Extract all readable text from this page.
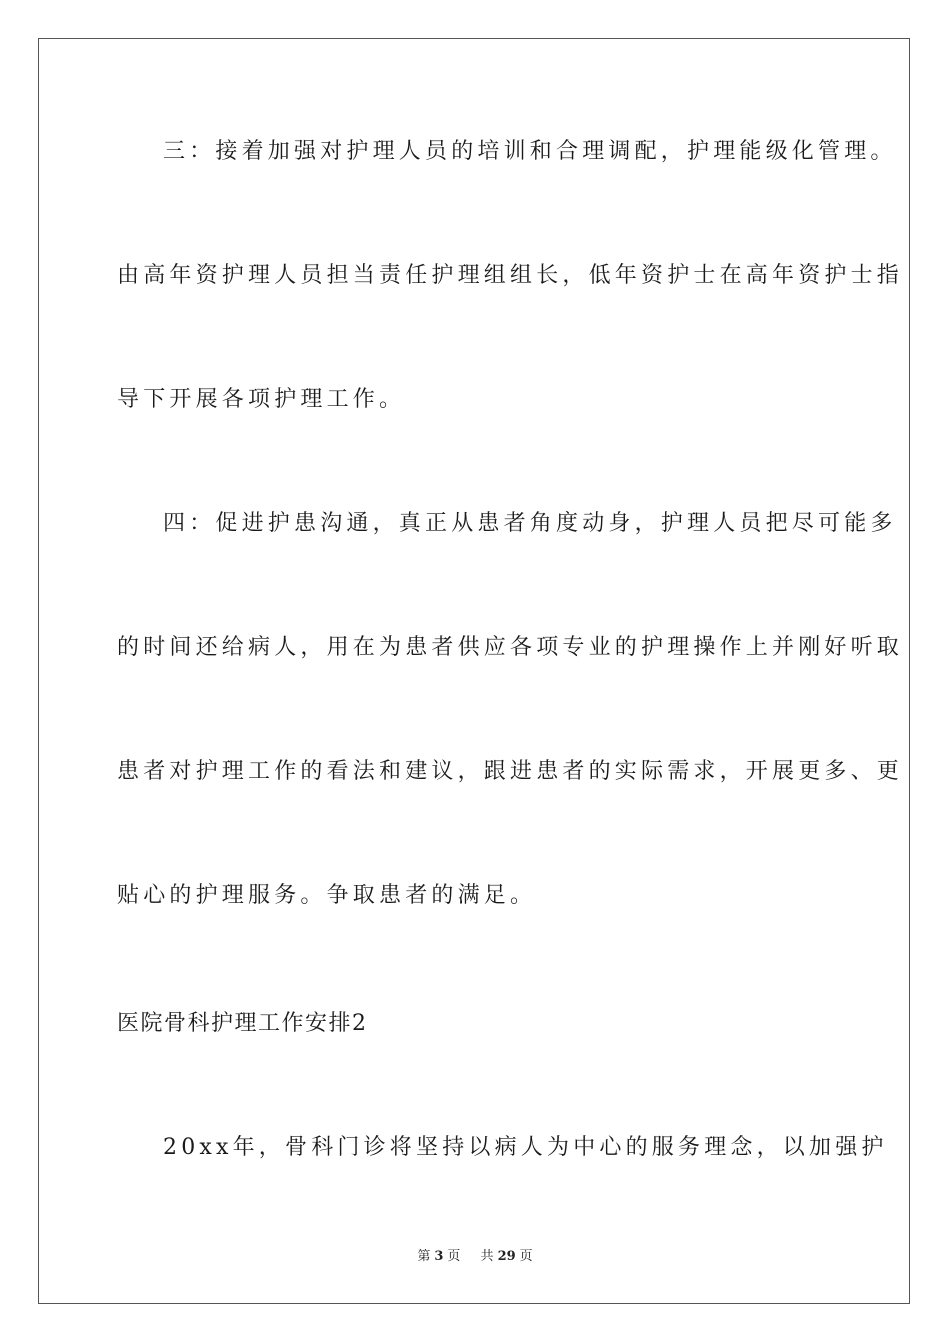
三：接着加强对护理人员的培训和合理调配，护理能级化管理。
由高年资护理人员担当责任护理组组长，低年资护士在高年资护士指
导下开展各项护理工作。
四：促进护患沟通，真正从患者角度动身，护理人员把尽可能多
的时间还给病人，用在为患者供应各项专业的护理操作上并刚好听取
患者对护理工作的看法和建议，跟进患者的实际需求，开展更多、更
贴心的护理服务。争取患者的满足。
医院骨科护理工作安排2
20xx年，骨科门诊将坚持以病人为中心的服务理念，以加强护
第 3 页 共 29 页
